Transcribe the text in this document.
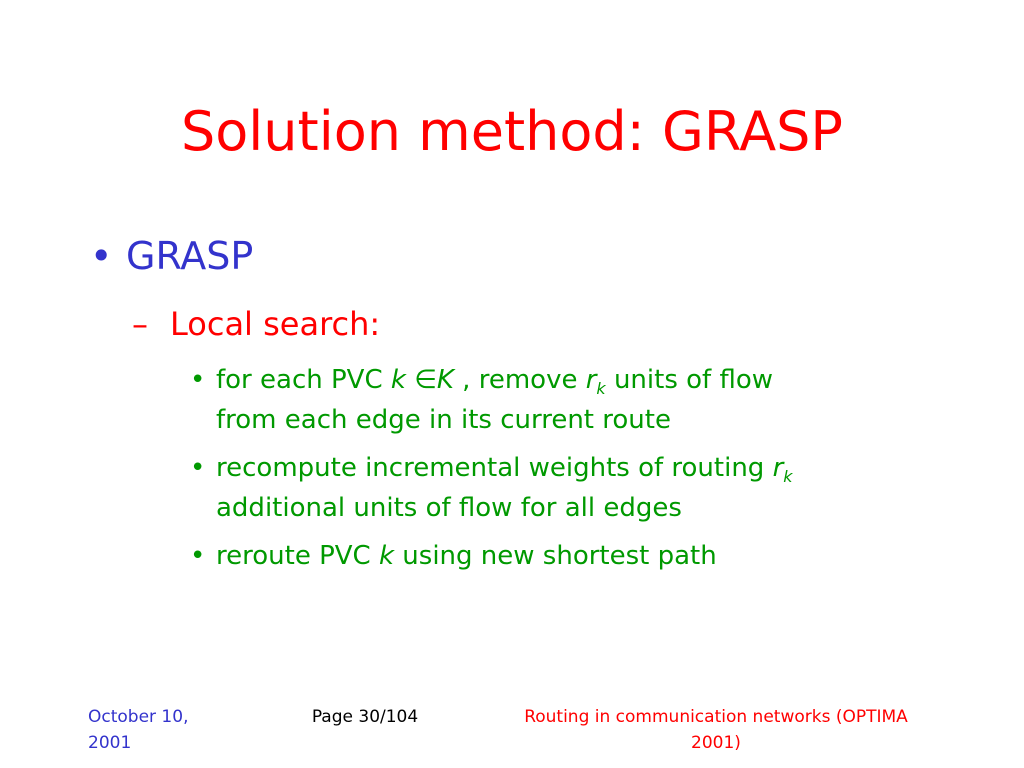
Solution method: GRASP
• GRASP
– Local search:
• for each PVC k ∈K , remove $r_k$ units of flow
from each edge in its current route
• recompute incremental weights of routing $r_k$
additional units of flow for all edges
• reroute PVC k using new shortest path
October 10,
2001
Page 30/104	Routing in communication networks (OPTIMA
2001)
